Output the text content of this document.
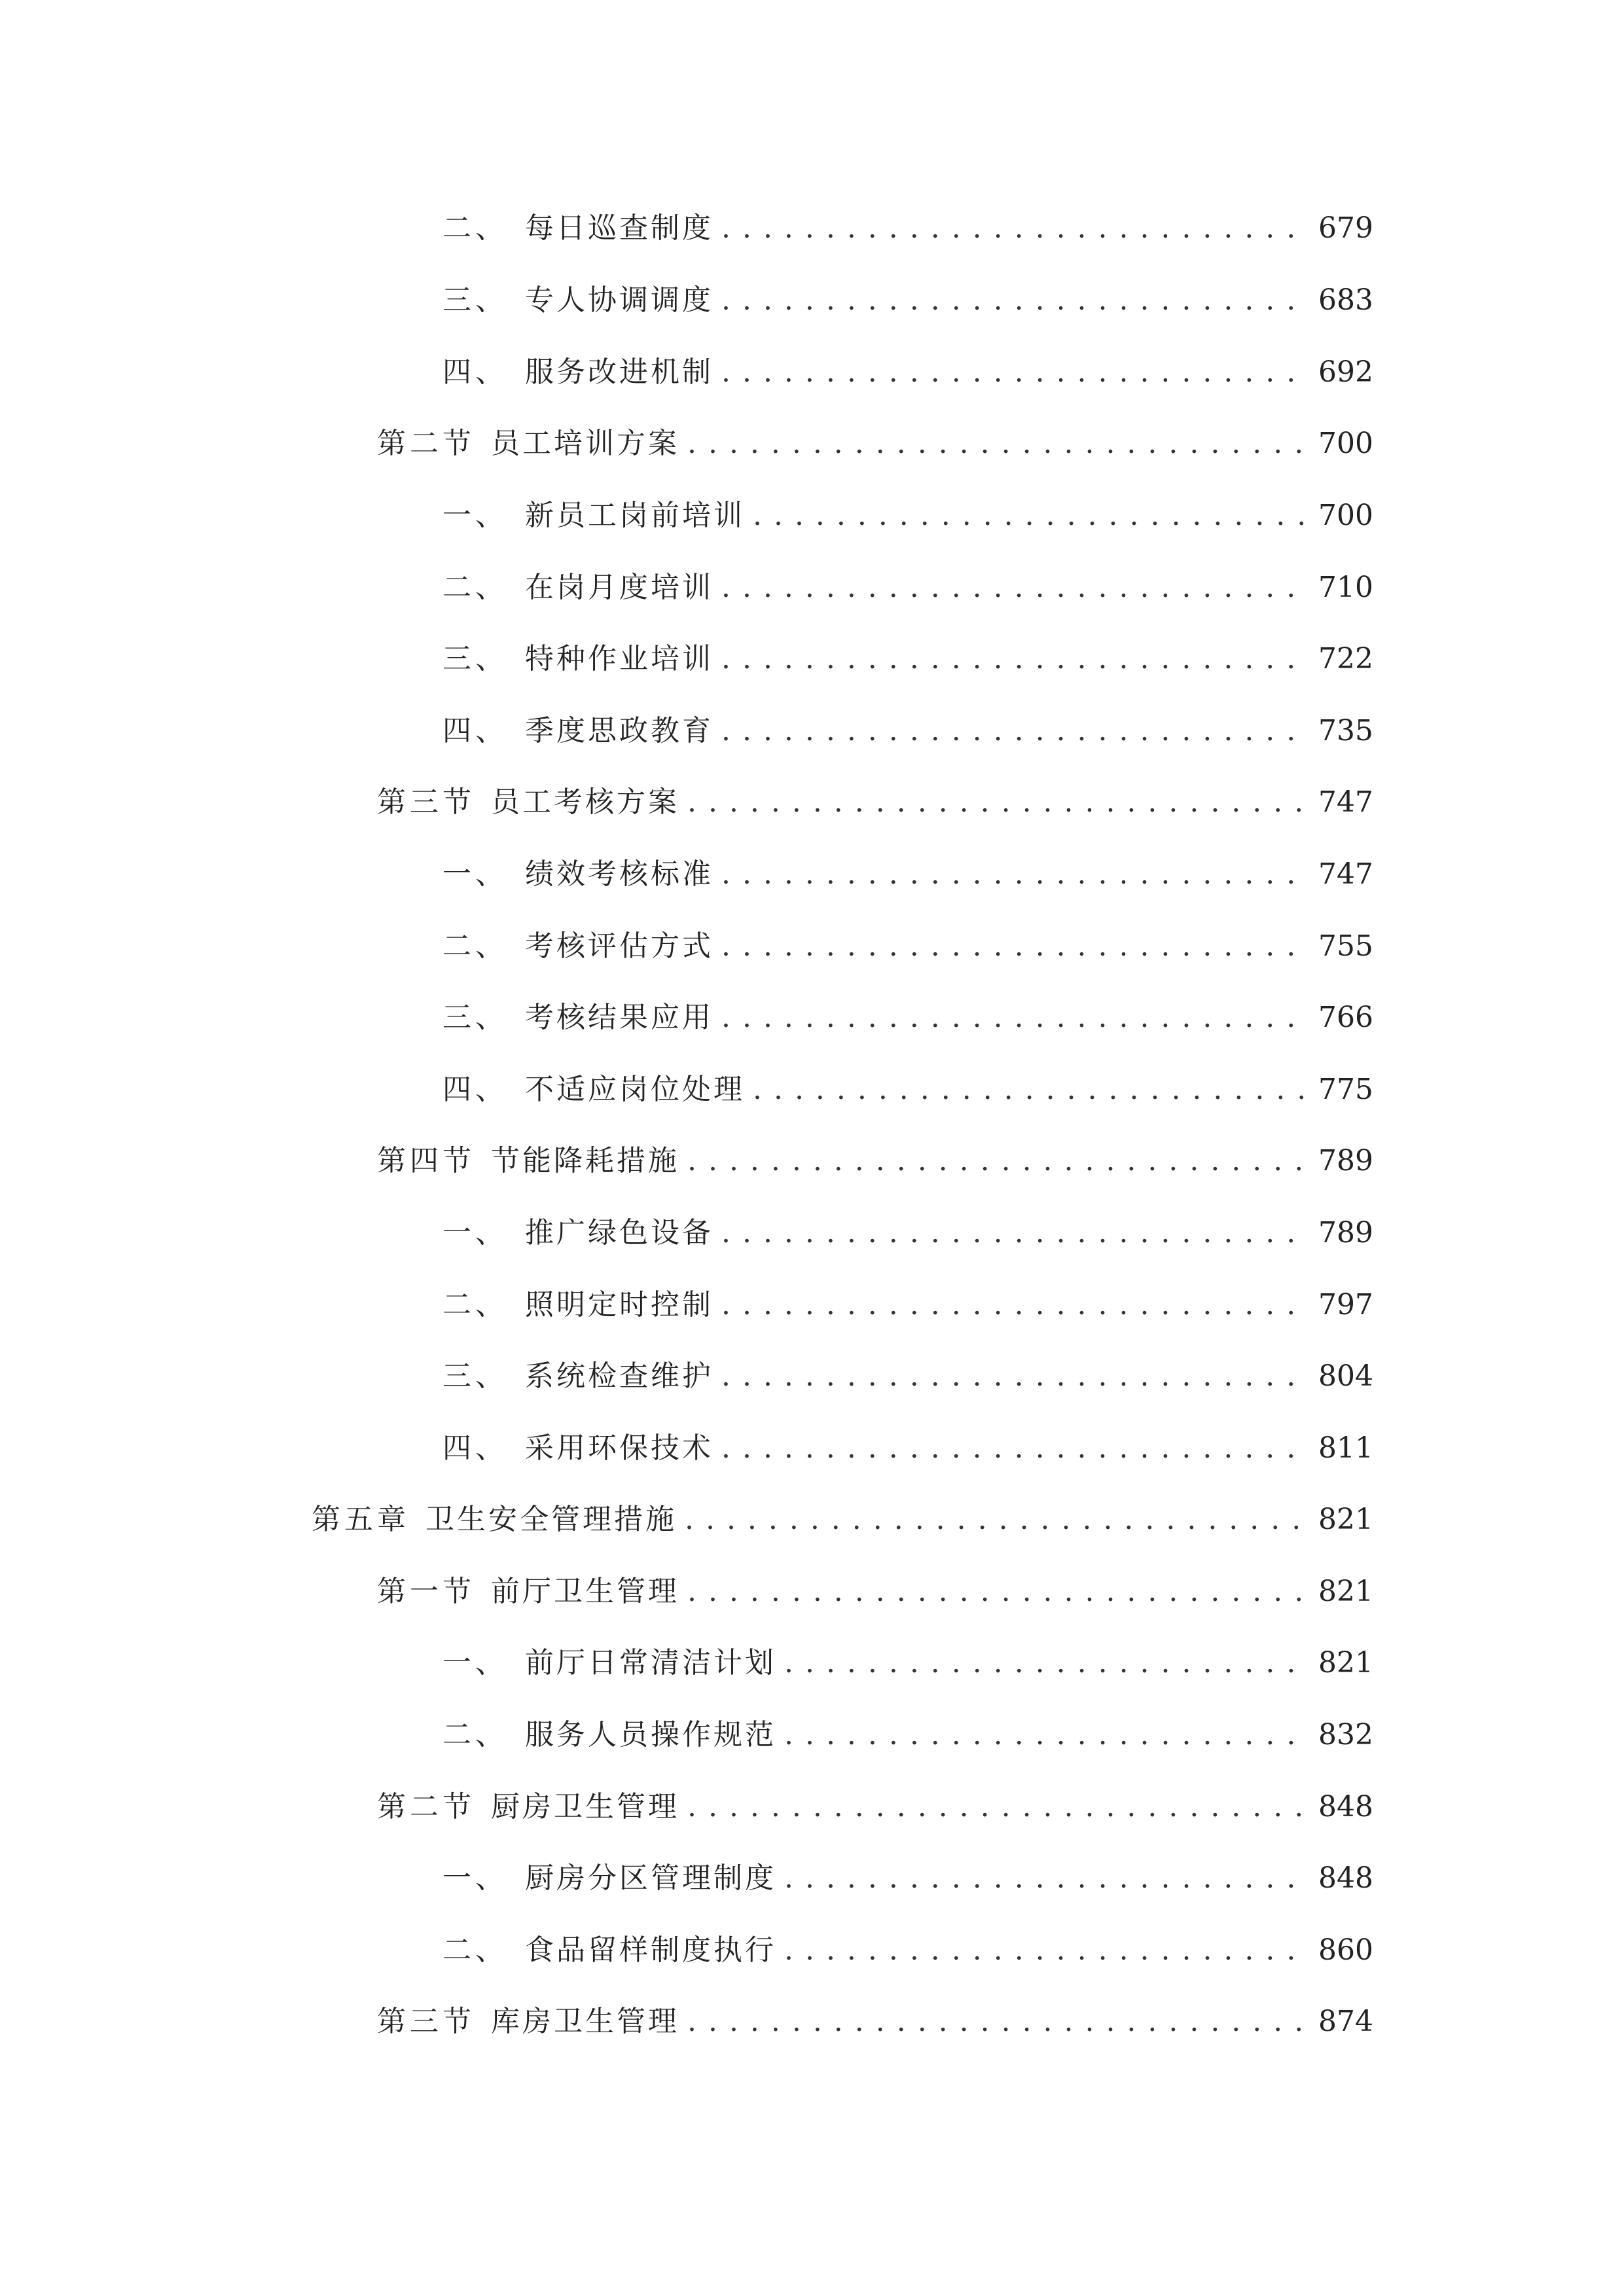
二、 每日巡查制度 . . .	679
三、 专人协调调度 . . .	683
四、 服务改进机制 . . .	692
第二节 员工培训方案 . . .	700
一、 新员工岗前培训 . . .	700
二、 在岗月度培训 . . .	710
三、 特种作业培训 . . .	722
四、 季度思政教育 . . .	735
第三节 员工考核方案 . . .	747
一、 绩效考核标准 . . .	747
二、 考核评估方式 . . .	755
三、 考核结果应用 . . .	766
四、 不适应岗位处理 . . .	775
第四节 节能降耗措施 . . .	789
一、 推广绿色设备 . . .	789
二、 照明定时控制 . . .	797
三、 系统检查维护 . . .	804
四、 采用环保技术 . . .	811
第五章 卫生安全管理措施 . . .	821
第一节 前厅卫生管理 . . .	821
一、 前厅日常清洁计划 . . .	821
二、 服务人员操作规范 . . .	832
第二节 厨房卫生管理 . . .	848
一、 厨房分区管理制度 . . .	848
二、 食品留样制度执行 . . .	860
第三节 库房卫生管理 . . .	874
